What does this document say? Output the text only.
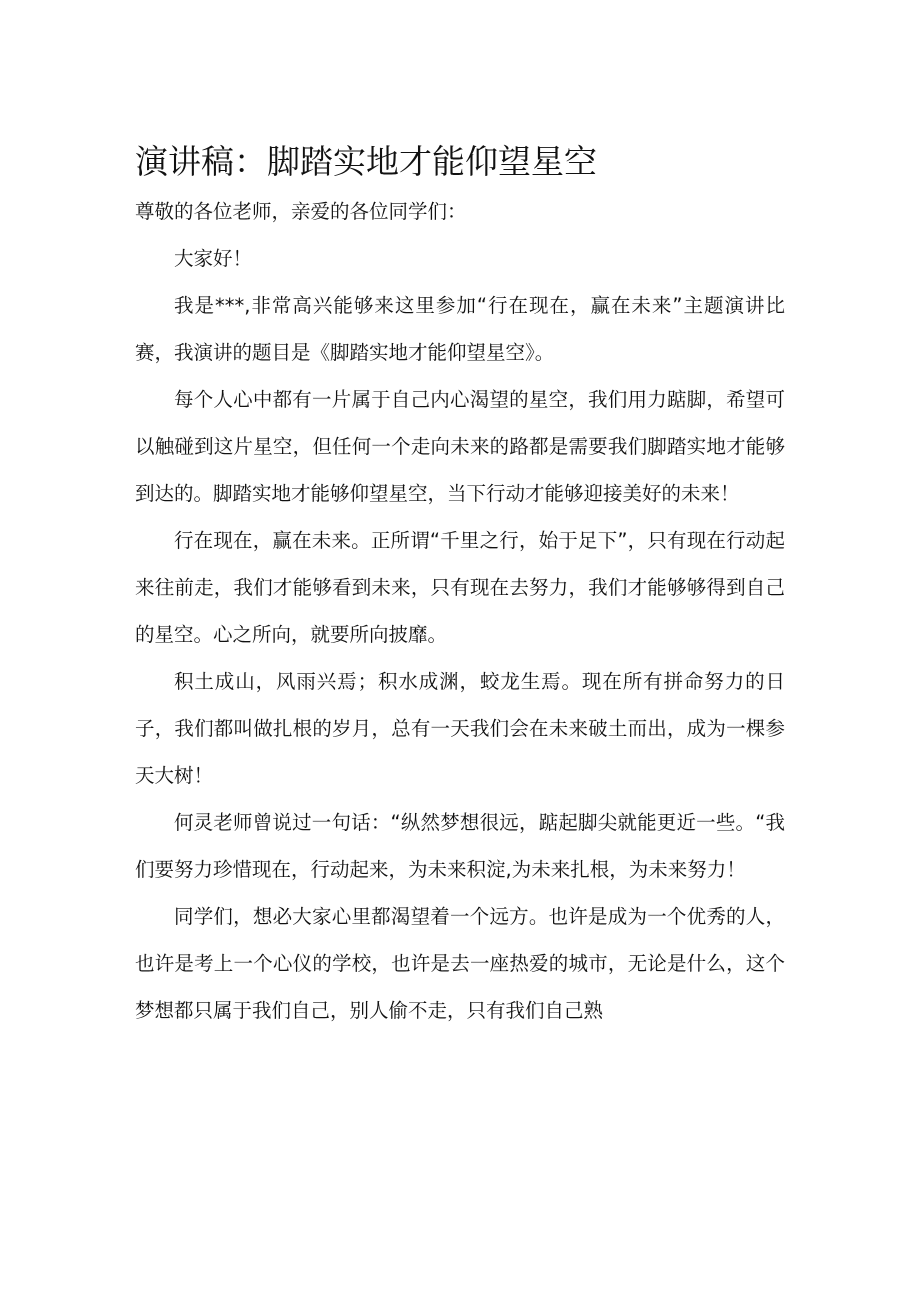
演讲稿：脚踏实地才能仰望星空

尊敬的各位老师，亲爱的各位同学们：

大家好！

我是***,非常高兴能够来这里参加“行在现在，赢在未来”主题演讲比赛，我演讲的题目是《脚踏实地才能仰望星空》。

每个人心中都有一片属于自己内心渴望的星空，我们用力踮脚，希望可以触碰到这片星空，但任何一个走向未来的路都是需要我们脚踏实地才能够到达的。脚踏实地才能够仰望星空，当下行动才能够迎接美好的未来！

行在现在，赢在未来。正所谓“千里之行，始于足下”，只有现在行动起来往前走，我们才能够看到未来，只有现在去努力，我们才能够够得到自己的星空。心之所向，就要所向披靡。

积土成山，风雨兴焉；积水成渊，蛟龙生焉。现在所有拼命努力的日子，我们都叫做扎根的岁月，总有一天我们会在未来破土而出，成为一棵参天大树！

何灵老师曾说过一句话：“纵然梦想很远，踮起脚尖就能更近一些。“我们要努力珍惜现在，行动起来，为未来积淀,为未来扎根，为未来努力！

同学们，想必大家心里都渴望着一个远方。也许是成为一个优秀的人，也许是考上一个心仪的学校，也许是去一座热爱的城市，无论是什么，这个梦想都只属于我们自己，别人偷不走，只有我们自己熟
